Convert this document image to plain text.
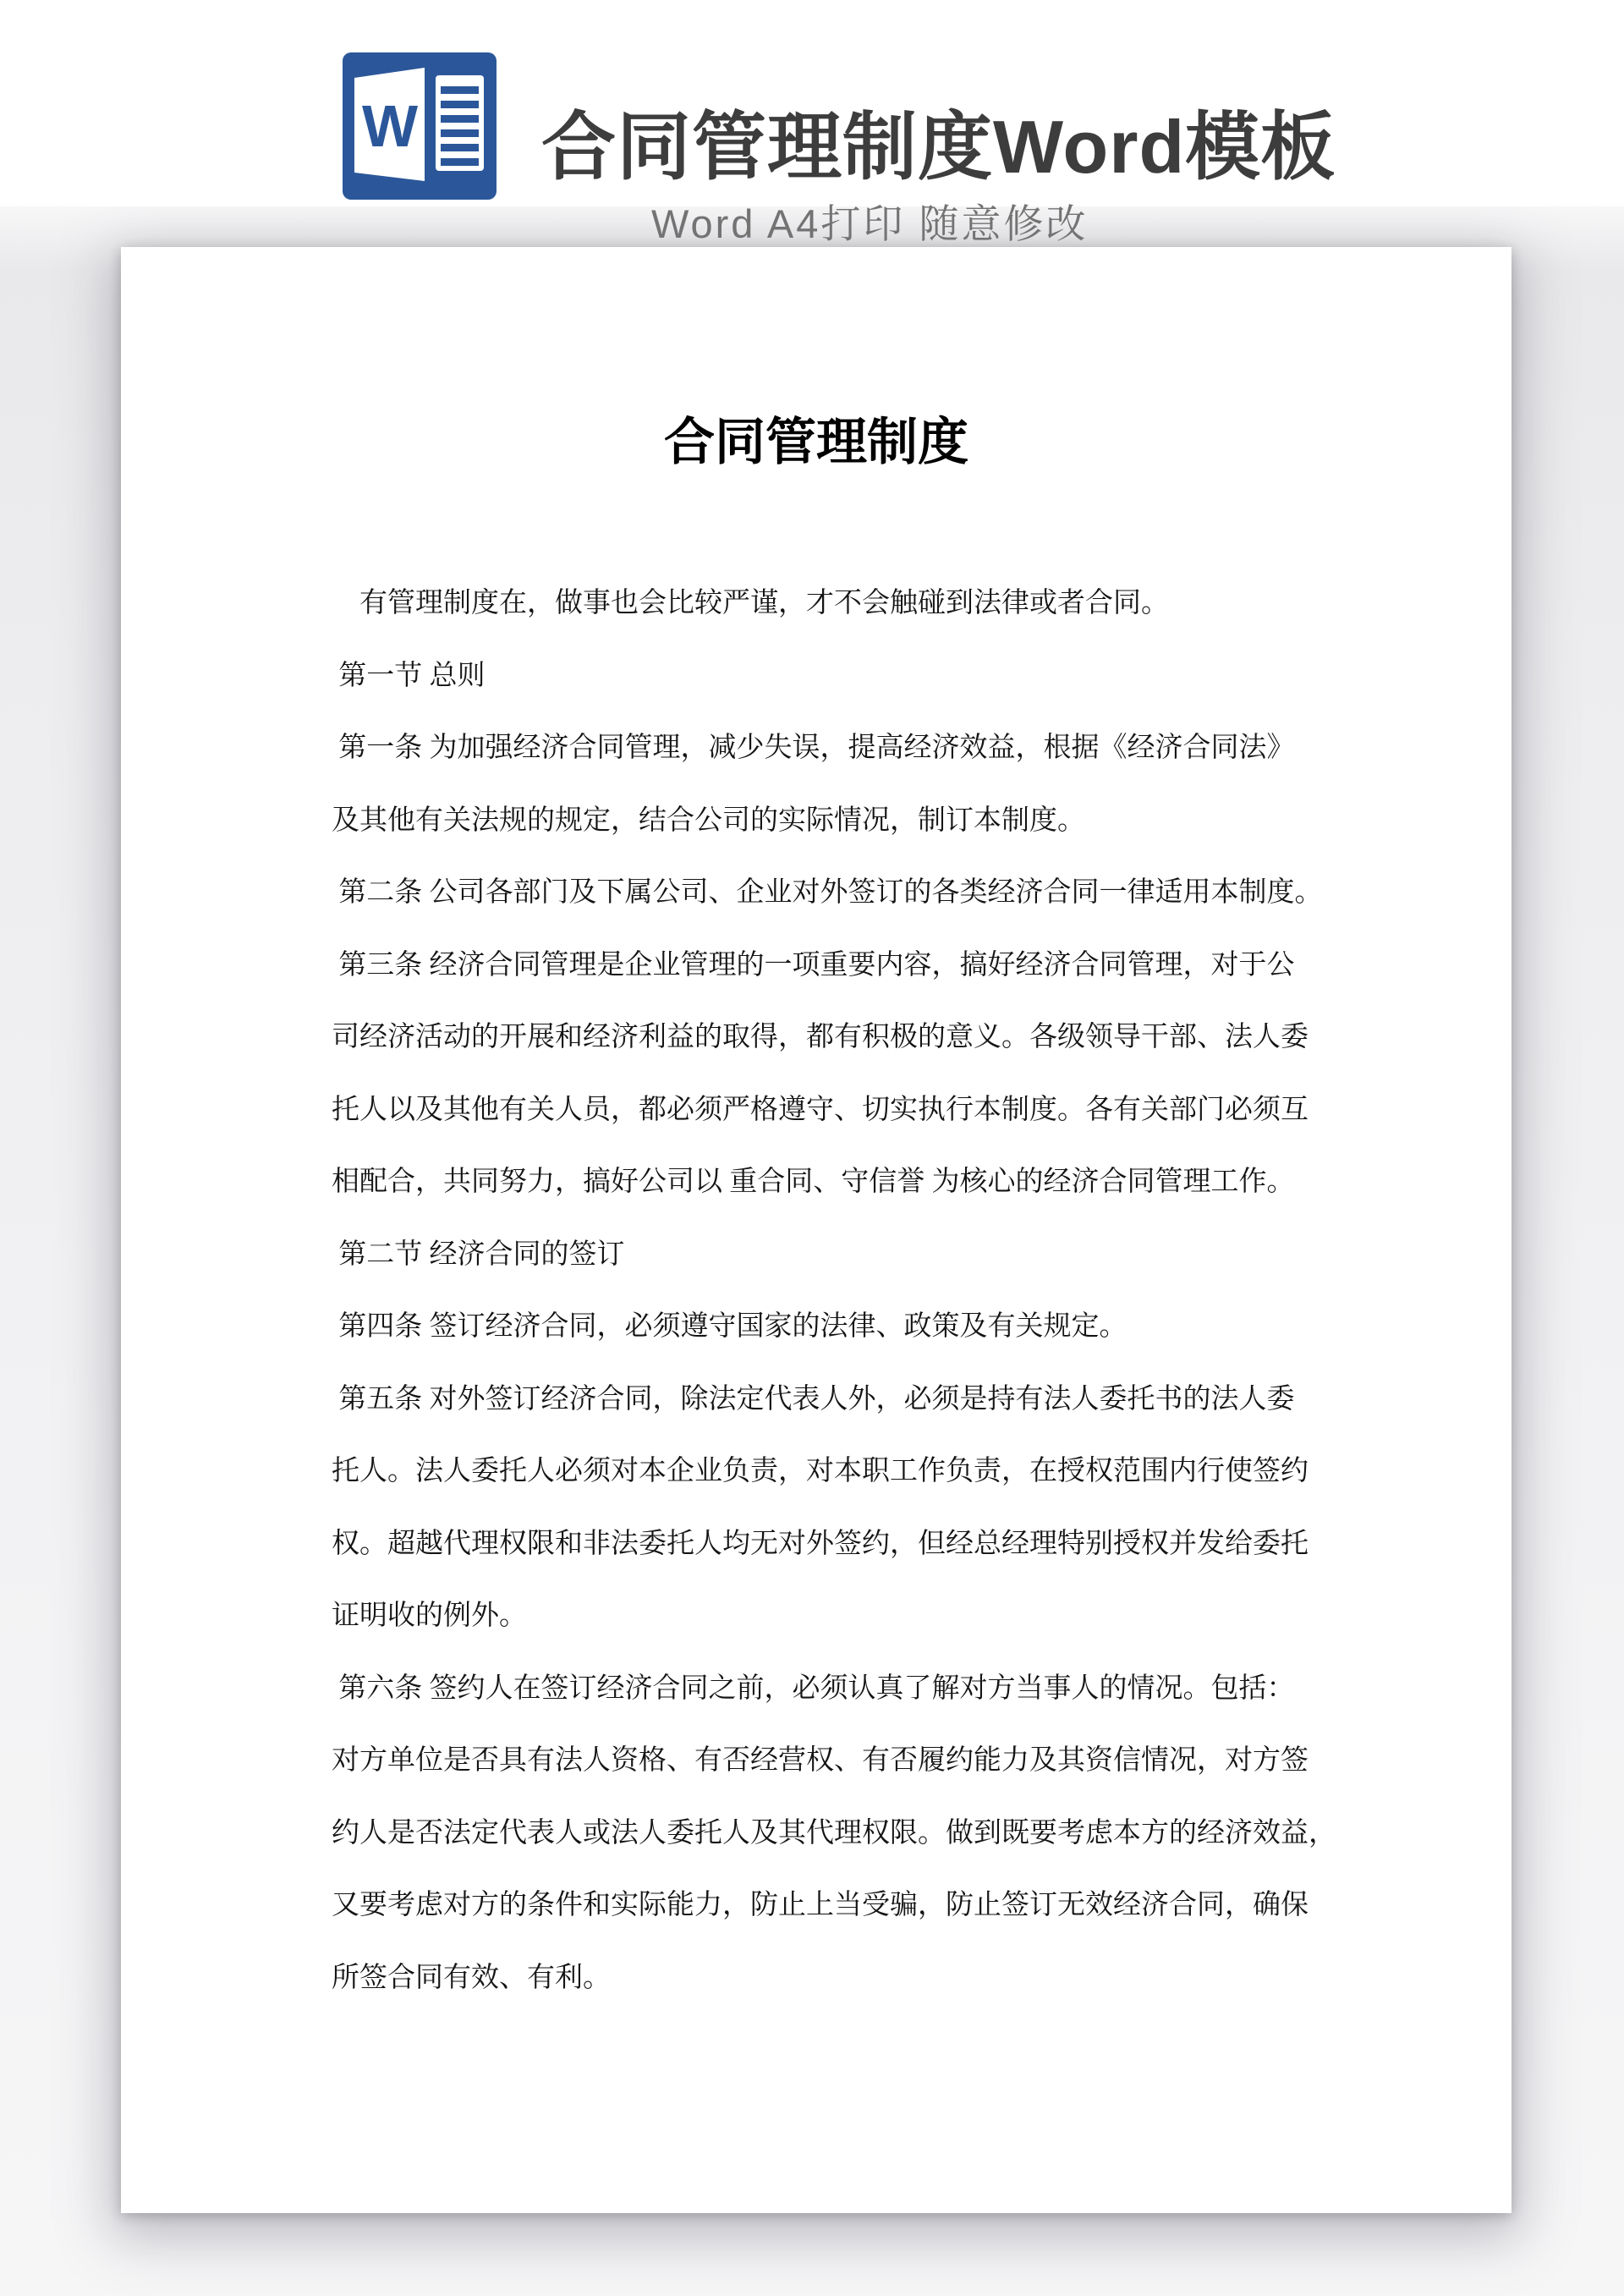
W 合同管理制度Word模板

Word A4打印 随意修改

合同管理制度
　有管理制度在，做事也会比较严谨，才不会触碰到法律或者合同。
第一节 总则
第一条 为加强经济合同管理，减少失误，提高经济效益，根据《经济合同法》
及其他有关法规的规定，结合公司的实际情况，制订本制度。
第二条 公司各部门及下属公司、企业对外签订的各类经济合同一律适用本制度。
第三条 经济合同管理是企业管理的一项重要内容，搞好经济合同管理，对于公
司经济活动的开展和经济利益的取得，都有积极的意义。各级领导干部、法人委
托人以及其他有关人员，都必须严格遵守、切实执行本制度。各有关部门必须互
相配合，共同努力，搞好公司以 重合同、守信誉 为核心的经济合同管理工作。
第二节 经济合同的签订
第四条 签订经济合同，必须遵守国家的法律、政策及有关规定。
第五条 对外签订经济合同，除法定代表人外，必须是持有法人委托书的法人委
托人。法人委托人必须对本企业负责，对本职工作负责，在授权范围内行使签约
权。超越代理权限和非法委托人均无对外签约，但经总经理特别授权并发给委托
证明收的例外。
第六条 签约人在签订经济合同之前，必须认真了解对方当事人的情况。包括：
对方单位是否具有法人资格、有否经营权、有否履约能力及其资信情况，对方签
约人是否法定代表人或法人委托人及其代理权限。做到既要考虑本方的经济效益，
又要考虑对方的条件和实际能力，防止上当受骗，防止签订无效经济合同，确保
所签合同有效、有利。
